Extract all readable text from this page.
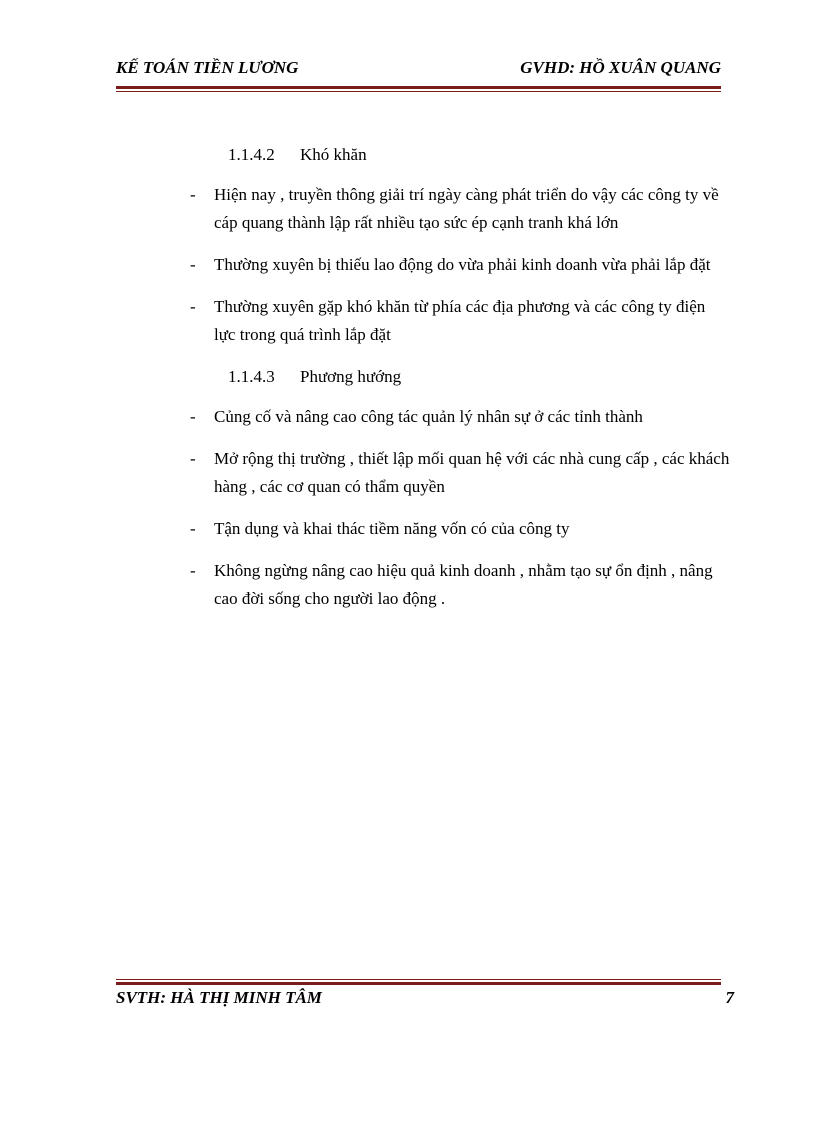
KẾ TOÁN TIỀN LƯƠNG	GVHD: HỒ XUÂN QUANG
1.1.4.2 Khó khăn
- Hiện nay , truyền thông giải trí ngày càng phát triển do vậy các công ty về cáp quang thành lập rất nhiều tạo sức ép cạnh tranh khá lớn
- Thường xuyên bị thiếu lao động do vừa phải kinh doanh vừa phải lắp đặt
- Thường xuyên gặp khó khăn từ phía các địa phương và các công ty điện lực trong quá trình lắp đặt
1.1.4.3 Phương hướng
- Củng cố và nâng cao công tác quản lý nhân sự ở các tỉnh thành
- Mở rộng thị trường , thiết lập mối quan hệ với các nhà cung cấp , các khách hàng , các cơ quan có thẩm quyền
- Tận dụng và khai thác tiềm năng vốn có của công ty
- Không ngừng nâng cao hiệu quả kinh doanh , nhằm tạo sự ổn định , nâng cao đời sống cho người lao động .
SVTH: HÀ THỊ MINH TÂM	7
